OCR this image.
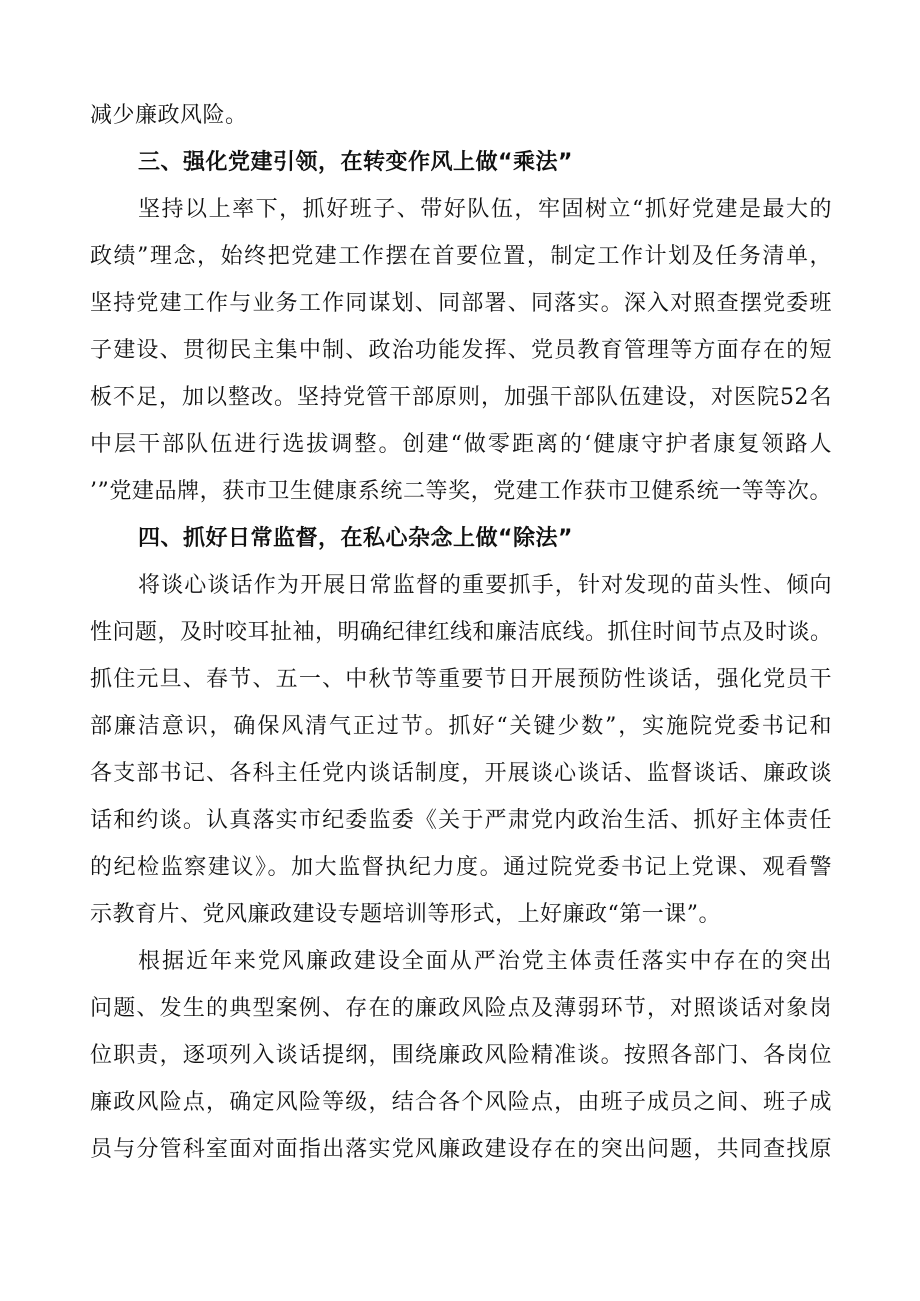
减少廉政风险。
三、强化党建引领，在转变作风上做“乘法”
坚持以上率下，抓好班子、带好队伍，牢固树立“抓好党建是最大的
政绩”理念，始终把党建工作摆在首要位置，制定工作计划及任务清单，
坚持党建工作与业务工作同谋划、同部署、同落实。深入对照查摆党委班
子建设、贯彻民主集中制、政治功能发挥、党员教育管理等方面存在的短
板不足，加以整改。坚持党管干部原则，加强干部队伍建设，对医院52名
中层干部队伍进行选拔调整。创建“做零距离的‘健康守护者康复领路人
’”党建品牌，获市卫生健康系统二等奖，党建工作获市卫健系统一等等次。
四、抓好日常监督，在私心杂念上做“除法”
将谈心谈话作为开展日常监督的重要抓手，针对发现的苗头性、倾向
性问题，及时咬耳扯袖，明确纪律红线和廉洁底线。抓住时间节点及时谈。
抓住元旦、春节、五一、中秋节等重要节日开展预防性谈话，强化党员干
部廉洁意识，确保风清气正过节。抓好“关键少数”，实施院党委书记和
各支部书记、各科主任党内谈话制度，开展谈心谈话、监督谈话、廉政谈
话和约谈。认真落实市纪委监委《关于严肃党内政治生活、抓好主体责任
的纪检监察建议》。加大监督执纪力度。通过院党委书记上党课、观看警
示教育片、党风廉政建设专题培训等形式，上好廉政“第一课”。
根据近年来党风廉政建设全面从严治党主体责任落实中存在的突出
问题、发生的典型案例、存在的廉政风险点及薄弱环节，对照谈话对象岗
位职责，逐项列入谈话提纲，围绕廉政风险精准谈。按照各部门、各岗位
廉政风险点，确定风险等级，结合各个风险点，由班子成员之间、班子成
员与分管科室面对面指出落实党风廉政建设存在的突出问题，共同查找原
